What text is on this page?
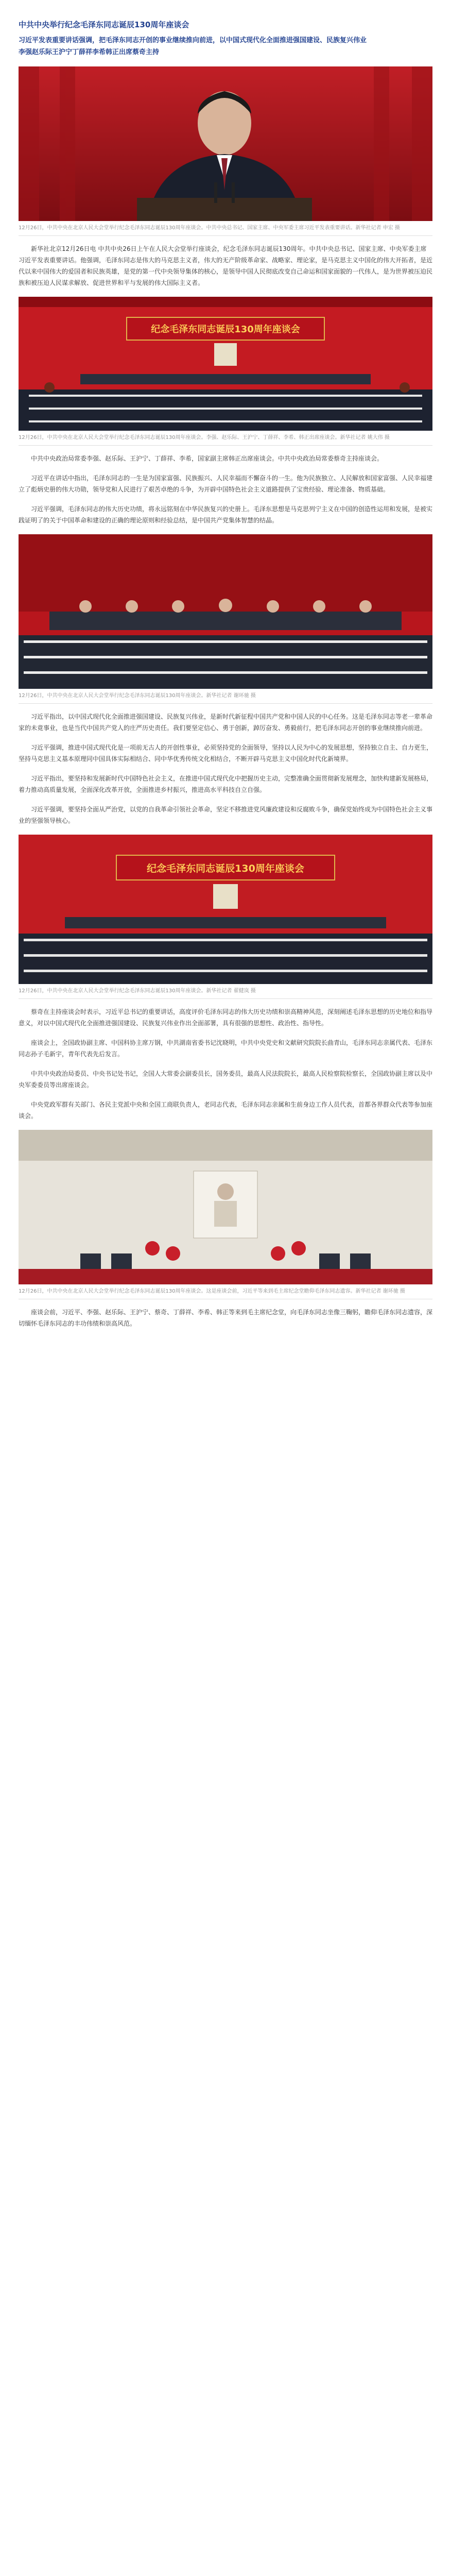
中共中央举行纪念毛泽东同志诞辰130周年座谈会

习近平发表重要讲话强调，把毛泽东同志开创的事业继续推向前进，以中国式现代化全面推进强国建设、民族复兴伟业

李强赵乐际王沪宁丁薛祥李希韩正出席蔡奇主持

12月26日，中共中央在北京人民大会堂举行纪念毛泽东同志诞辰130周年座谈会。中共中央总书记、国家主席、中央军委主席习近平发表重要讲话。新华社记者 申宏 摄

新华社北京12月26日电 中共中央26日上午在人民大会堂举行座谈会，纪念毛泽东同志诞辰130周年。中共中央总书记、国家主席、中央军委主席习近平发表重要讲话。他强调，毛泽东同志是伟大的马克思主义者，伟大的无产阶级革命家、战略家、理论家，是马克思主义中国化的伟大开拓者，是近代以来中国伟大的爱国者和民族英雄，是党的第一代中央领导集体的核心，是领导中国人民彻底改变自己命运和国家面貌的一代伟人，是为世界被压迫民族和被压迫人民谋求解放、促进世界和平与发展的伟大国际主义者。

纪念毛泽东同志诞辰130周年座谈会
12月26日，中共中央在北京人民大会堂举行纪念毛泽东同志诞辰130周年座谈会。李强、赵乐际、王沪宁、丁薛祥、李希、韩正出席座谈会。新华社记者 姚大伟 摄

中共中央政治局常委李强、赵乐际、王沪宁、丁薛祥、李希，国家副主席韩正出席座谈会。中共中央政治局常委蔡奇主持座谈会。

习近平在讲话中指出，毛泽东同志的一生是为国家富强、民族振兴、人民幸福而不懈奋斗的一生。他为民族独立、人民解放和国家富强、人民幸福建立了彪炳史册的伟大功勋，领导党和人民进行了艰苦卓绝的斗争，为开辟中国特色社会主义道路提供了宝贵经验、理论准备、物质基础。

习近平强调，毛泽东同志的伟大历史功绩，将永远铭刻在中华民族复兴的史册上。毛泽东思想是马克思列宁主义在中国的创造性运用和发展，是被实践证明了的关于中国革命和建设的正确的理论原则和经验总结，是中国共产党集体智慧的结晶。

12月26日，中共中央在北京人民大会堂举行纪念毛泽东同志诞辰130周年座谈会。新华社记者 谢环驰 摄

习近平指出，以中国式现代化全面推进强国建设、民族复兴伟业，是新时代新征程中国共产党和中国人民的中心任务。这是毛泽东同志等老一辈革命家的未竟事业，也是当代中国共产党人的庄严历史责任。我们要坚定信心、勇于创新，踔厉奋发、勇毅前行，把毛泽东同志开创的事业继续推向前进。

习近平强调，推进中国式现代化是一项前无古人的开创性事业，必须坚持党的全面领导，坚持以人民为中心的发展思想，坚持独立自主、自力更生，坚持马克思主义基本原理同中国具体实际相结合、同中华优秀传统文化相结合，不断开辟马克思主义中国化时代化新境界。

习近平指出，要坚持和发展新时代中国特色社会主义，在推进中国式现代化中把握历史主动，完整准确全面贯彻新发展理念，加快构建新发展格局，着力推动高质量发展，全面深化改革开放，全面推进乡村振兴，推进高水平科技自立自强。

习近平强调，要坚持全面从严治党，以党的自我革命引领社会革命，坚定不移推进党风廉政建设和反腐败斗争，确保党始终成为中国特色社会主义事业的坚强领导核心。

纪念毛泽东同志诞辰130周年座谈会
12月26日，中共中央在北京人民大会堂举行纪念毛泽东同志诞辰130周年座谈会。新华社记者 翟健岚 摄

蔡奇在主持座谈会时表示，习近平总书记的重要讲话，高度评价毛泽东同志的伟大历史功绩和崇高精神风范，深刻阐述毛泽东思想的历史地位和指导意义，对以中国式现代化全面推进强国建设、民族复兴伟业作出全面部署，具有很强的思想性、政治性、指导性。

座谈会上，全国政协副主席、中国科协主席万钢，中共湖南省委书记沈晓明，中共中央党史和文献研究院院长曲青山，毛泽东同志亲属代表、毛泽东同志孙子毛新宇，青年代表先后发言。

中共中央政治局委员、中央书记处书记，全国人大常委会副委员长，国务委员，最高人民法院院长，最高人民检察院检察长，全国政协副主席以及中央军委委员等出席座谈会。

中央党政军群有关部门、各民主党派中央和全国工商联负责人，老同志代表，毛泽东同志亲属和生前身边工作人员代表，首都各界群众代表等参加座谈会。

12月26日，中共中央在北京人民大会堂举行纪念毛泽东同志诞辰130周年座谈会。这是座谈会前，习近平等来到毛主席纪念堂瞻仰毛泽东同志遗容。新华社记者 谢环驰 摄

座谈会前，习近平、李强、赵乐际、王沪宁、蔡奇、丁薛祥、李希、韩正等来到毛主席纪念堂，向毛泽东同志坐像三鞠躬，瞻仰毛泽东同志遗容，深切缅怀毛泽东同志的丰功伟绩和崇高风范。
